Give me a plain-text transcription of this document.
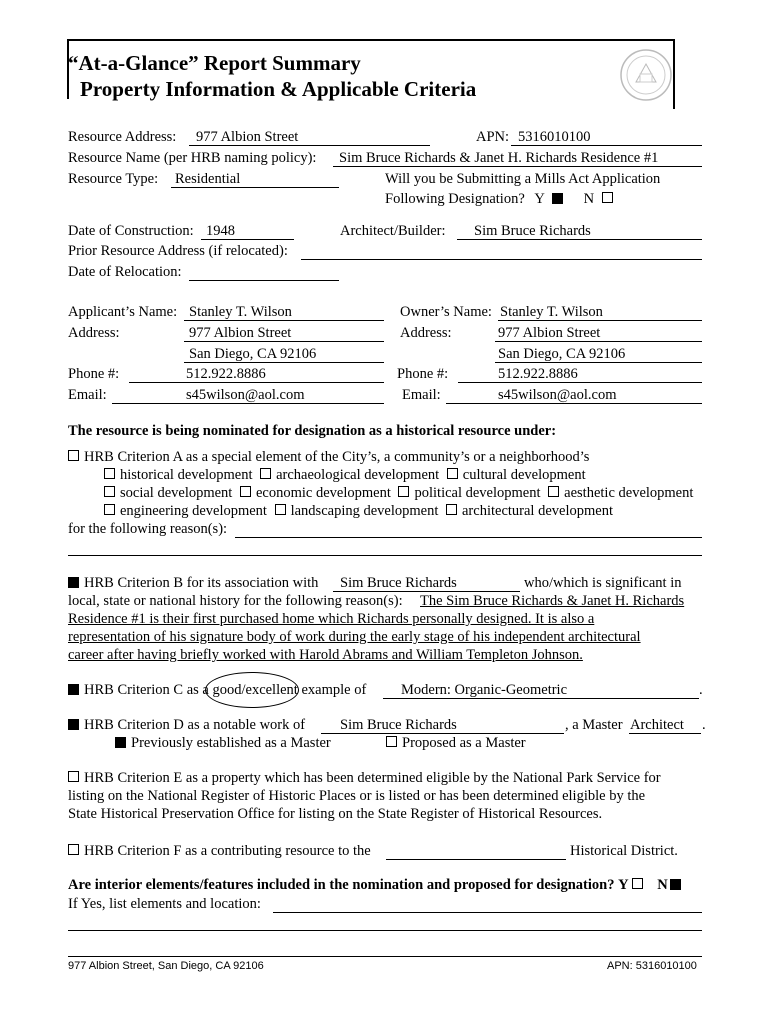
“At-a-Glance” Report Summary
Property Information & Applicable Criteria
Resource Address: 977 Albion Street	APN: 5316010100
Resource Name (per HRB naming policy): Sim Bruce Richards & Janet H. Richards Residence #1
Resource Type: Residential	Will you be Submitting a Mills Act Application
Following Designation? Y	N
Date of Construction: 1948	Architect/Builder: Sim Bruce Richards
Prior Resource Address (if relocated):
Date of Relocation:
Applicant’s Name: Stanley T. Wilson
Address:	977 Albion Street
San Diego, CA 92106
Phone #:	512.922.8886
Email:	s45wilson@aol.com
Owner’s Name: Stanley T. Wilson
Address:	977 Albion Street
San Diego, CA 92106
Phone #:	512.922.8886
Email:	s45wilson@aol.com
The resource is being nominated for designation as a historical resource under:
HRB Criterion A as a special element of the City’s, a community’s or a neighborhood’s
historical development archaeological development cultural development
social development economic development political development aesthetic development
engineering development landscaping development architectural development
for the following reason(s):
HRB Criterion B for its association with Sim Bruce Richards	who/which is significant in
local, state or national history for the following reason(s): The Sim Bruce Richards & Janet H. Richards
Residence #1 is their first purchased home which Richards personally designed. It is also a
representation of his signature body of work during the early stage of his independent architectural
career after having briefly worked with Harold Abrams and William Templeton Johnson.
HRB Criterion C as a good/excellent example of Modern: Organic-Geometric	.
HRB Criterion D as a notable work of Sim Bruce Richards	, a Master Architect .
Previously established as a Master	Proposed as a Master
HRB Criterion E as a property which has been determined eligible by the National Park Service for
listing on the National Register of Historic Places or is listed or has been determined eligible by the
State Historical Preservation Office for listing on the State Register of Historical Resources.
HRB Criterion F as a contributing resource to the	Historical District.
Are interior elements/features included in the nomination and proposed for designation? Y N
If Yes, list elements and location:
977 Albion Street, San Diego, CA 92106	APN: 5316010100
